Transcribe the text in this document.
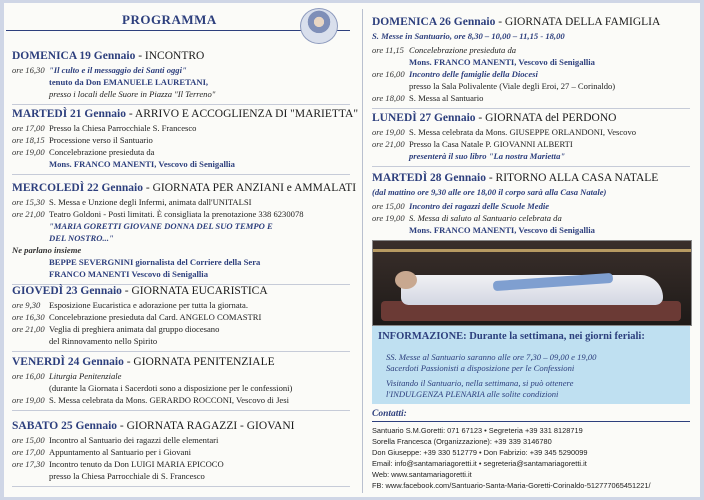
PROGRAMMA
DOMENICA 19 Gennaio - INCONTRO
ore 16,30 "Il culto e il messaggio dei Santi oggi"
tenuto da Don EMANUELE LAURETANI,
presso i locali delle Suore in Piazza "Il Terreno"
MARTEDÌ 21 Gennaio - ARRIVO E ACCOGLIENZA DI "MARIETTA"
ore 17,00 Presso la Chiesa Parrocchiale S. Francesco
ore 18,15 Processione verso il Santuario
ore 19,00 Concelebrazione presieduta da
Mons. FRANCO MANENTI, Vescovo di Senigallia
MERCOLEDÌ 22 Gennaio - GIORNATA PER ANZIANI e AMMALATI
ore 15,30 S. Messa e Unzione degli Infermi, animata dall'UNITALSI
ore 21,00 Teatro Goldoni - Posti limitati. È consigliata la prenotazione 338 6230078
"MARIA GORETTI GIOVANE DONNA DEL SUO TEMPO E
DEL NOSTRO..."
Ne parlano insieme
BEPPE SEVERGNINI giornalista del Corriere della Sera
FRANCO MANENTI Vescovo di Senigallia
GIOVEDÌ 23 Gennaio - GIORNATA EUCARISTICA
ore 9,30 Esposizione Eucaristica e adorazione per tutta la giornata.
ore 16,30 Concelebrazione presieduta dal Card. ANGELO COMASTRI
ore 21,00 Veglia di preghiera animata dal gruppo diocesano
del Rinnovamento nello Spirito
VENERDÌ 24 Gennaio - GIORNATA PENITENZIALE
ore 16,00 Liturgia Penitenziale
(durante la Giornata i Sacerdoti sono a disposizione per le confessioni)
ore 19,00 S. Messa celebrata da Mons. GERARDO ROCCONI, Vescovo di Jesi
SABATO 25 Gennaio - GIORNATA RAGAZZI - GIOVANI
ore 15,00 Incontro al Santuario dei ragazzi delle elementari
ore 17,00 Appuntamento al Santuario per i Giovani
ore 17,30 Incontro tenuto da Don LUIGI MARIA EPICOCO
presso la Chiesa Parrocchiale di S. Francesco
DOMENICA 26 Gennaio - GIORNATA DELLA FAMIGLIA
S. Messe in Santuario, ore 8,30 – 10,00 – 11,15 - 18,00
ore 11,15 Concelebrazione presieduta da
Mons. FRANCO MANENTI, Vescovo di Senigallia
ore 16,00 Incontro delle famiglie della Diocesi
presso la Sala Polivalente (Viale degli Eroi, 27 – Corinaldo)
ore 18,00 S. Messa al Santuario
LUNEDÌ 27 Gennaio - GIORNATA del PERDONO
ore 19,00 S. Messa celebrata da Mons. GIUSEPPE ORLANDONI, Vescovo
ore 21,00 Presso la Casa Natale P. GIOVANNI ALBERTI
presenterà il suo libro "La nostra Marietta"
MARTEDÌ 28 Gennaio - RITORNO ALLA CASA NATALE
(dal mattino ore 9,30 alle ore 18,00 il corpo sarà alla Casa Natale)
ore 15,00 Incontro dei ragazzi delle Scuole Medie
ore 19,00 S. Messa di saluto al Santuario celebrata da
Mons. FRANCO MANENTI, Vescovo di Senigallia
INFORMAZIONE: Durante la settimana, nei giorni feriali:
SS. Messe al Santuario saranno alle ore 7,30 – 09,00 e 19,00
Sacerdoti Passionisti a disposizione per le Confessioni
Visitando il Santuario, nella settimana, si può ottenere
l'INDULGENZA PLENARIA alle solite condizioni
Contatti:
Santuario S.M.Goretti: 071 67123 • Segreteria +39 331 8128719
Sorella Francesca (Organizzazione): +39 339 3146780
Don Giuseppe: +39 330 512779 • Don Fabrizio: +39 345 5290099
Email: info@santamariagoretti.it • segreteria@santamariagoretti.it
Web: www.santamariagoretti.it
FB: www.facebook.com/Santuario-Santa-Maria-Goretti-Corinaldo-512777065451221/
